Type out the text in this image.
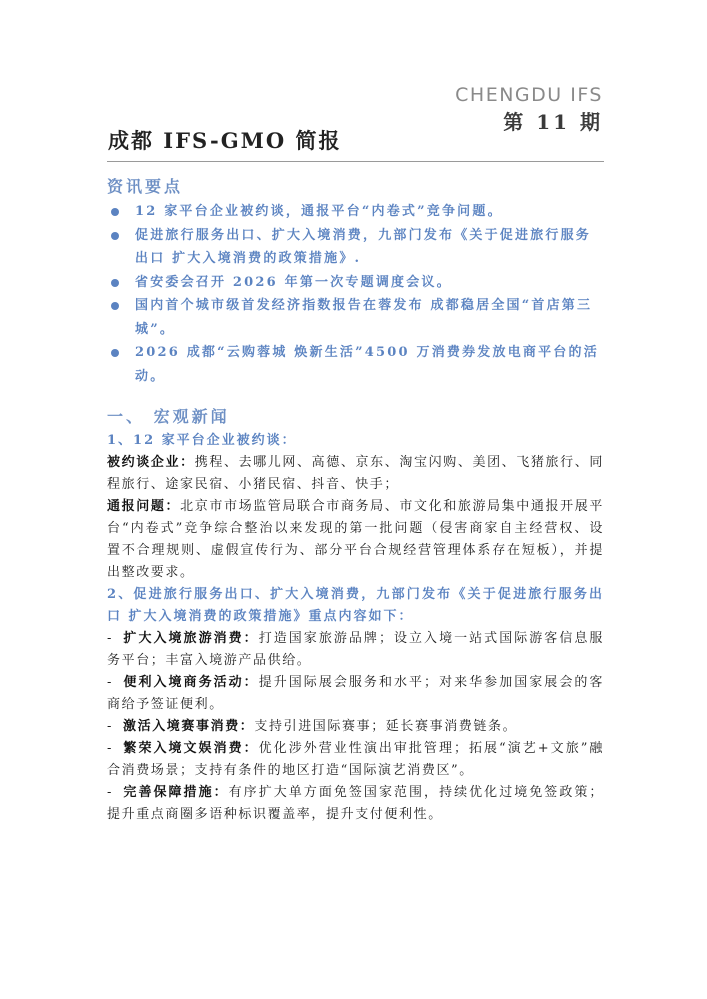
CHENGDU IFS
第 11 期
成都 IFS-GMO 简报
资讯要点
12 家平台企业被约谈，通报平台“内卷式”竞争问题。
促进旅行服务出口、扩大入境消费，九部门发布《关于促进旅行服务出口 扩大入境消费的政策措施》.
省安委会召开 2026 年第一次专题调度会议。
国内首个城市级首发经济指数报告在蓉发布 成都稳居全国“首店第三城”。
2026 成都“云购蓉城 焕新生活”4500 万消费券发放电商平台的活动。
一、 宏观新闻

1、12 家平台企业被约谈：

被约谈企业：携程、去哪儿网、高德、京东、淘宝闪购、美团、飞猪旅行、同程旅行、途家民宿、小猪民宿、抖音、快手；

通报问题：北京市市场监管局联合市商务局、市文化和旅游局集中通报开展平台“内卷式”竞争综合整治以来发现的第一批问题（侵害商家自主经营权、设置不合理规则、虚假宣传行为、部分平台合规经营管理体系存在短板），并提出整改要求。

2、促进旅行服务出口、扩大入境消费，九部门发布《关于促进旅行服务出口 扩大入境消费的政策措施》重点内容如下：

- 扩大入境旅游消费：打造国家旅游品牌；设立入境一站式国际游客信息服务平台；丰富入境游产品供给。

- 便利入境商务活动：提升国际展会服务和水平；对来华参加国家展会的客商给予签证便利。

- 激活入境赛事消费：支持引进国际赛事；延长赛事消费链条。

- 繁荣入境文娱消费：优化涉外营业性演出审批管理；拓展“演艺+文旅”融合消费场景；支持有条件的地区打造“国际演艺消费区”。

- 完善保障措施：有序扩大单方面免签国家范围，持续优化过境免签政策；提升重点商圈多语种标识覆盖率，提升支付便利性。
